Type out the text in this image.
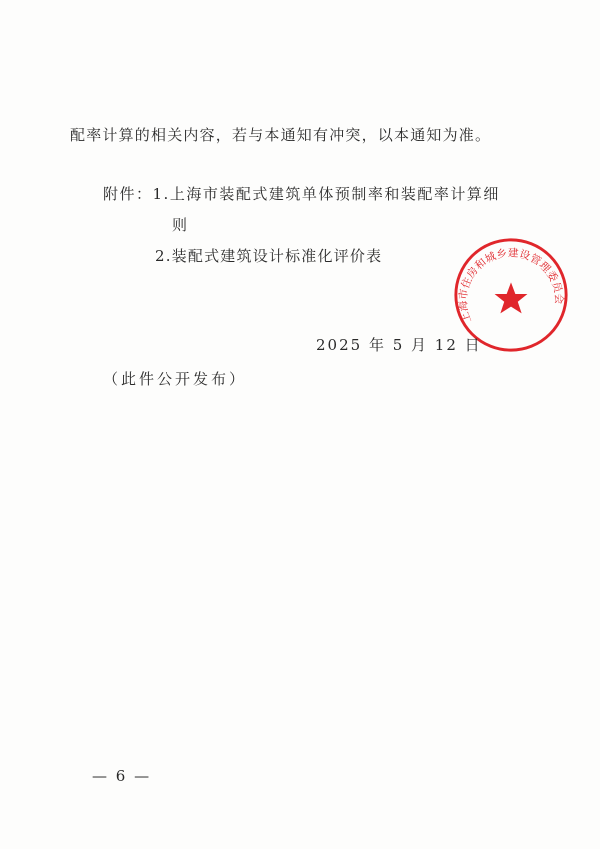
配率计算的相关内容，若与本通知有冲突，以本通知为准。
附件：1.上海市装配式建筑单体预制率和装配率计算细
则
2.装配式建筑设计标准化评价表
上海市住房和城乡建设管理委员会
2025 年 5 月 12 日
（此件公开发布）
— 6 —
